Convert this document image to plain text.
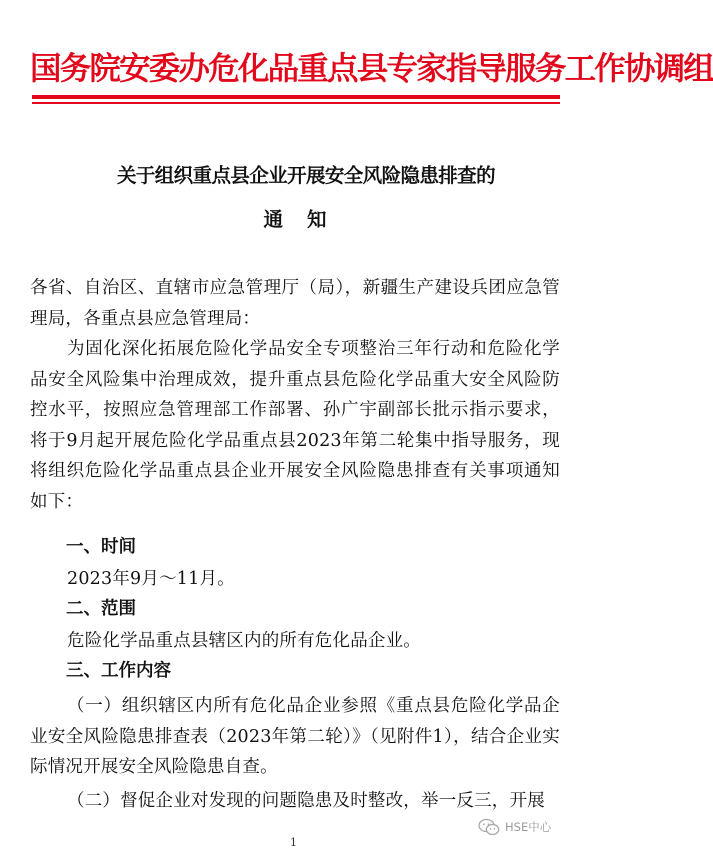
国务院安委办危化品重点县专家指导服务工作协调组
关于组织重点县企业开展安全风险隐患排查的
通知
各省、自治区、直辖市应急管理厅（局），新疆生产建设兵团应急管理局，各重点县应急管理局：
为固化深化拓展危险化学品安全专项整治三年行动和危险化学品安全风险集中治理成效，提升重点县危险化学品重大安全风险防控水平，按照应急管理部工作部署、孙广宇副部长批示指示要求，将于9月起开展危险化学品重点县2023年第二轮集中指导服务，现将组织危险化学品重点县企业开展安全风险隐患排查有关事项通知如下：
一、时间
2023年9月～11月。
二、范围
危险化学品重点县辖区内的所有危化品企业。
三、工作内容
（一）组织辖区内所有危化品企业参照《重点县危险化学品企业安全风险隐患排查表（2023年第二轮）》（见附件1），结合企业实际情况开展安全风险隐患自查。
（二）督促企业对发现的问题隐患及时整改，举一反三，开展
1
HSE中心
